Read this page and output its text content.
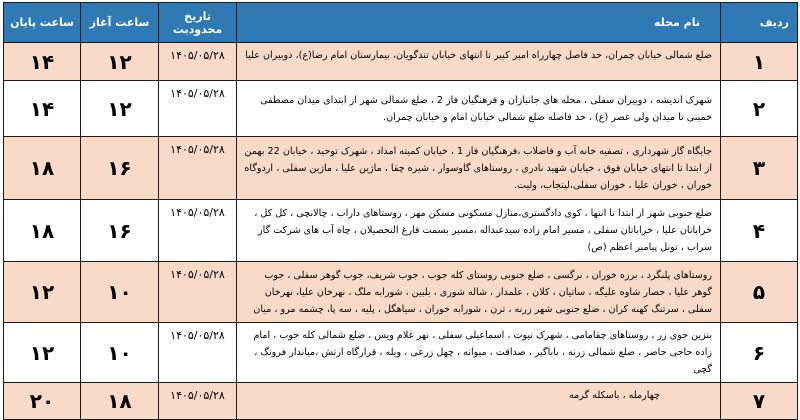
ردیف	نام محله	تاریخ محدودیت	ساعت آغاز	ساعت پایان
۱	ضلع شمالی خیابان چمران، حد فاصل چهارراه امیر کبیر تا انتهای خیابان تندگویان، بیمارستان امام رضا(ع)، دوبیران علیا	۱۴۰۵/۰۵/۲۸	۱۲	۱۴
۲	شهرک اندیشه ، دوبیران سفلی ، محله های جانبازان و فرهنگیان فاز 2 ، ضلع شمالی شهر از ابتدای میدان مصطفی خمینی تا میدان ولی عصر (ع) ، حد فاصله ضلع شمالی خیابان امام و خیابان چمران.	۱۴۰۵/۰۵/۲۸	۱۲	۱۴
۳	جایگاه گاز شهرداری ، تصفیه خانه آب و فاضلاب ،فرهنگیان فاز 1 ، خیابان کمیته امداد ، شهرک توحید ، خیابان 22 بهمن از ابتدا تا انتهای خیابان فوق ، خیابان شهید نادری ، روستاهای گاوسوار ، شیره چقا ، ماژین علیا ، ماژین سفلی ، اردوگاه خوران ، خوران علیا ، خوران سفلی،لیتجاب، ولیت.	۱۴۰۵/۰۵/۲۸	۱۶	۱۸
۴	ضلع جنوبی شهر از ابتدا تا انتها ، کوی دادگستری،منازل مسکونی مسکن مهر ، روستاهای داراب ، چالانچی ، کل کل ، خرابانان علیا ، خرابانان سفلی ، مسیر امام زاده سیدعبداله ،مسیر بسمت فارغ التحصیلان ، چاه آب های شرکت گاز سراب ، تونل پیامبر اعظم (ص)	۱۴۰۵/۰۵/۲۸	۱۶	۱۸
۵	روستاهای پلنگرد ، برزه خوران ، نرگسی ، ضلع جنوبی روستای کله جوب ، جوب شریف، جوب گوهر سفلی ، جوب گوهر علیا ، حصار شاوه علیگه ، ساتیان ، کلان ، علمدار ، شاله شوری ، بلبین ، شورابه ملگ ، نهرخان علیا، نهرخان سفلی ، سرتنگ کهنه کران ، ضلع جنوبی شهر زرنه ، ترن ، شورابه خوران ، سیاهگل ، پلیه ، سه پا، چشمه مرو ، میان	۱۴۰۵/۰۵/۲۸	۱۰	۱۲
۶	بنزین جوی زر ، روستاهای چقامامی ، شهرک نیوت ، اسماعیلی سفلی ، نهر غلام ویس ، ضلع شمالی کله جوب ، امام زاده حاجی حاضر ، ضلع شمالی زرنه ، باباگیر ، صداقت ، میوانه ، چهل زرعی ، ویله ، قرارگاه ارتش ،میاندار فرونگ ، گچی	۱۴۰۵/۰۵/۲۸	۱۰	۱۲
۷	چهارمله ، باسکله گرمه	۱۴۰۵/۰۵/۲۸	۱۸	۲۰
